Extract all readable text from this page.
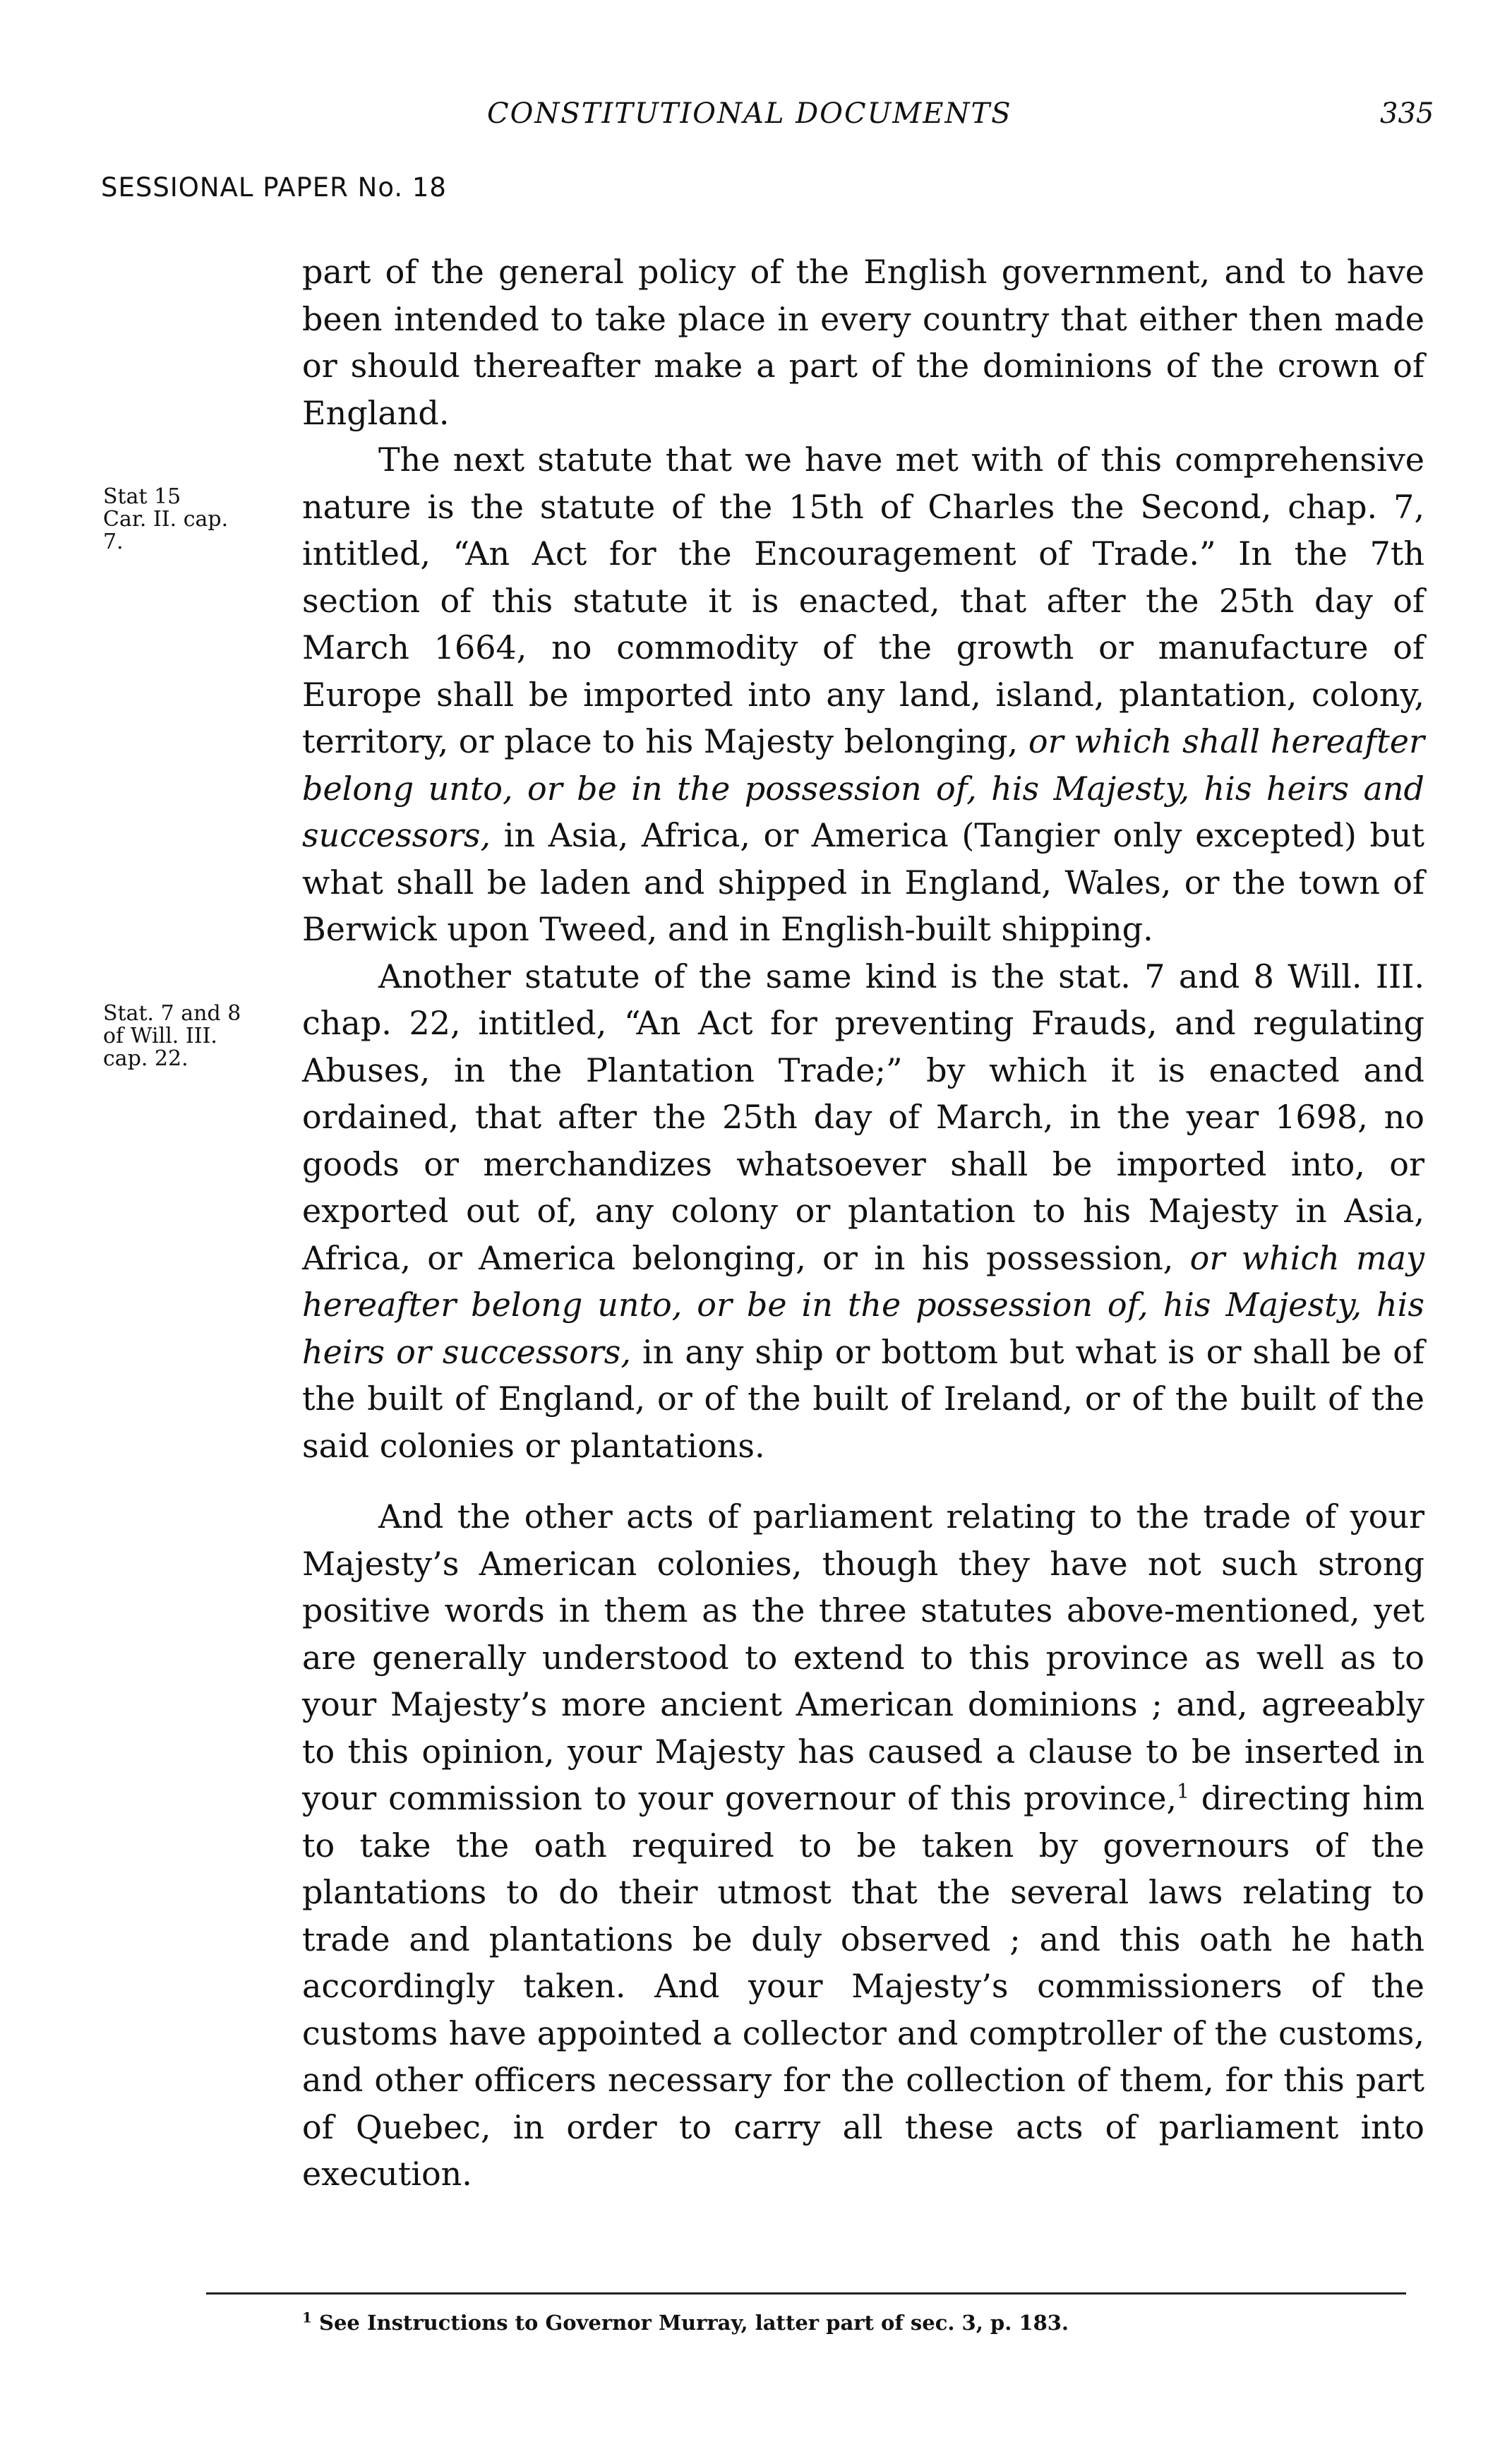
CONSTITUTIONAL DOCUMENTS	335
SESSIONAL PAPER No. 18
Stat 15
Car. II. cap.
7.
Stat. 7 and 8
of Will. III.
cap. 22.

part of the general policy of the English government, and to have been intended to take place in every country that either then made or should thereafter make a part of the dominions of the crown of England.

The next statute that we have met with of this comprehensive nature is the statute of the 15th of Charles the Second, chap. 7, intitled, “An Act for the Encouragement of Trade.” In the 7th section of this statute it is enacted, that after the 25th day of March 1664, no commodity of the growth or manufacture of Europe shall be imported into any land, island, plantation, colony, territory, or place to his Majesty belonging, or which shall hereafter belong unto, or be in the possession of, his Majesty, his heirs and successors, in Asia, Africa, or America (Tangier only excepted) but what shall be laden and shipped in England, Wales, or the town of Berwick upon Tweed, and in English-built shipping.

Another statute of the same kind is the stat. 7 and 8 Will. III. chap. 22, intitled, “An Act for preventing Frauds, and regulating Abuses, in the Plantation Trade;” by which it is enacted and ordained, that after the 25th day of March, in the year 1698, no goods or merchandizes whatsoever shall be imported into, or exported out of, any colony or plantation to his Majesty in Asia, Africa, or America belonging, or in his possession, or which may hereafter belong unto, or be in the possession of, his Majesty, his heirs or successors, in any ship or bottom but what is or shall be of the built of England, or of the built of Ireland, or of the built of the said colonies or plantations.

And the other acts of parliament relating to the trade of your Majesty’s American colonies, though they have not such strong positive words in them as the three statutes above-mentioned, yet are generally understood to extend to this province as well as to your Majesty’s more ancient American dominions ; and, agreeably to this opinion, your Majesty has caused a clause to be inserted in your commission to your governour of this province,$^1$ directing him to take the oath required to be taken by governours of the plantations to do their utmost that the several laws relating to trade and plantations be duly observed ; and this oath he hath accordingly taken. And your Majesty’s commissioners of the customs have appointed a collector and comptroller of the customs, and other officers necessary for the collection of them, for this part of Quebec, in order to carry all these acts of parliament into execution.

$^1$ See Instructions to Governor Murray, latter part of sec. 3, p. 183.
